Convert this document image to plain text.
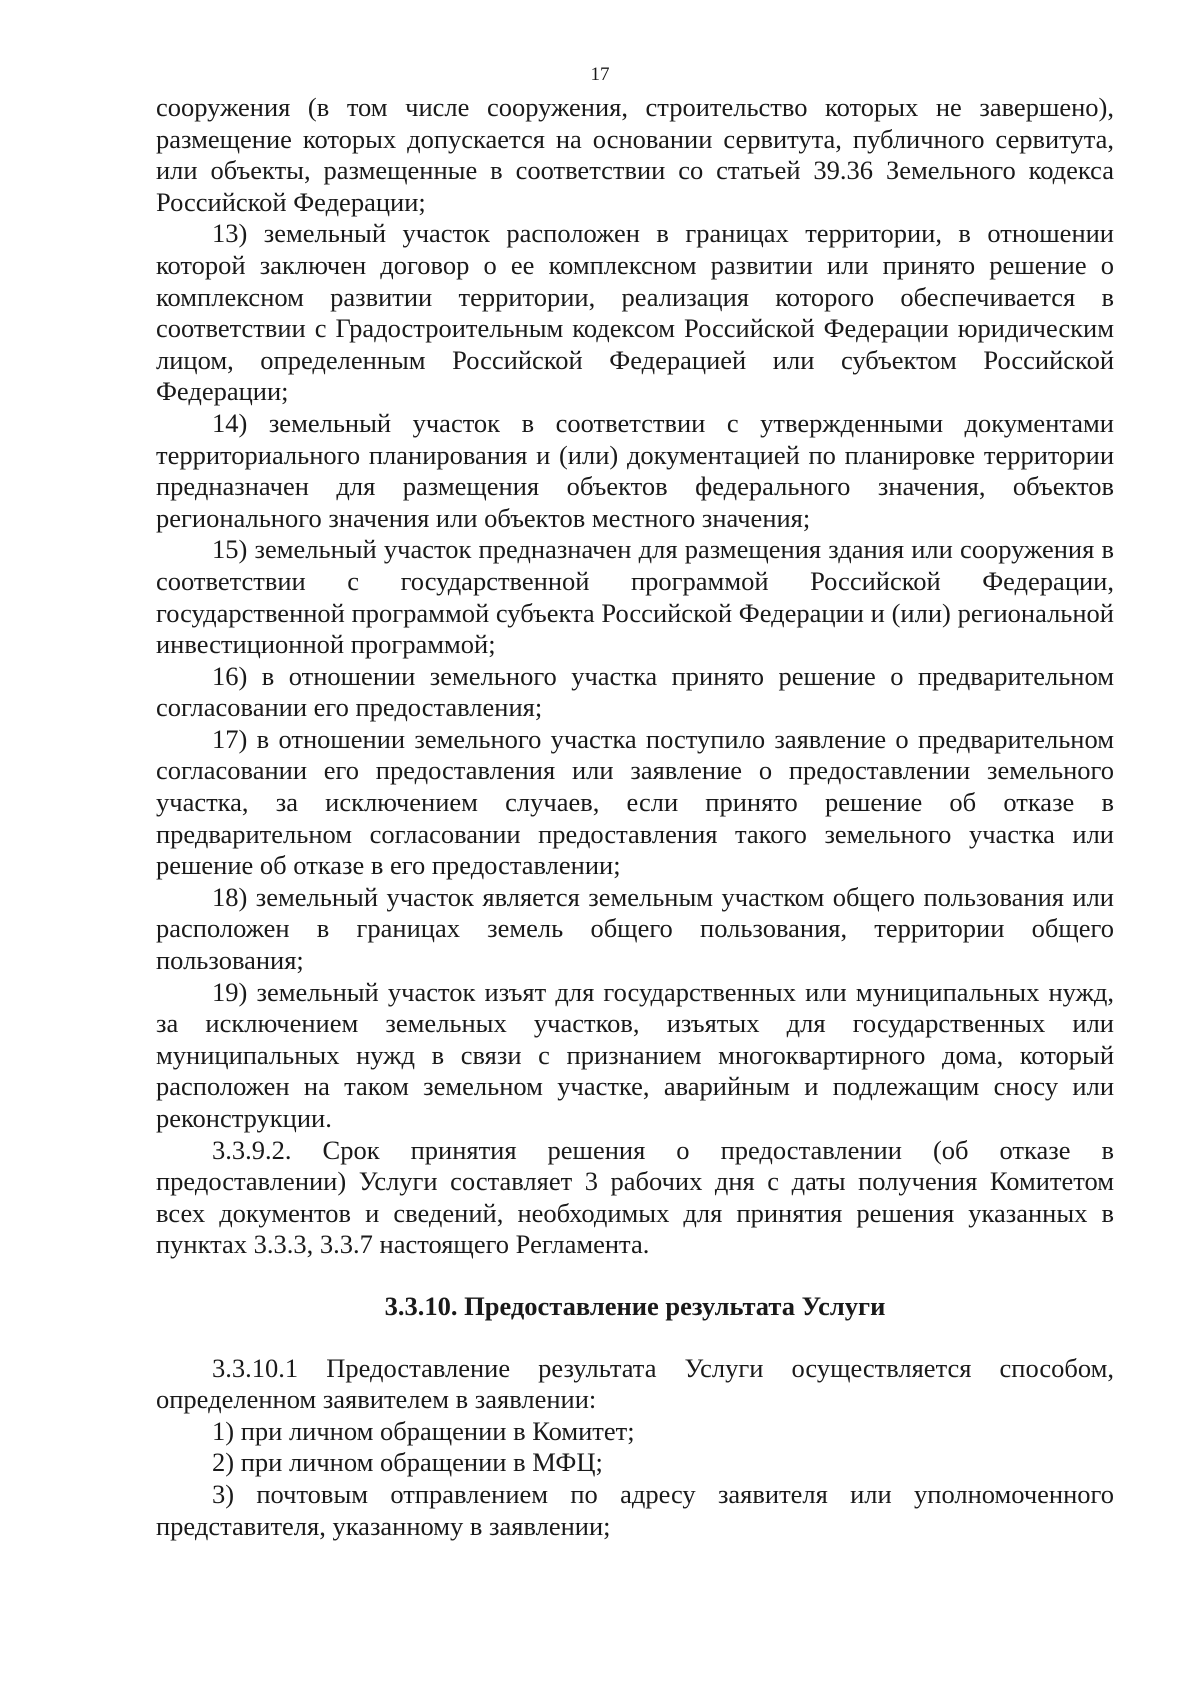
17

сооружения (в том числе сооружения, строительство которых не завершено), размещение которых допускается на основании сервитута, публичного сервитута, или объекты, размещенные в соответствии со статьей 39.36 Земельного кодекса Российской Федерации;

13) земельный участок расположен в границах территории, в отношении которой заключен договор о ее комплексном развитии или принято решение о комплексном развитии территории, реализация которого обеспечивается в соответствии с Градостроительным кодексом Российской Федерации юридическим лицом, определенным Российской Федерацией или субъектом Российской Федерации;

14) земельный участок в соответствии с утвержденными документами территориального планирования и (или) документацией по планировке территории предназначен для размещения объектов федерального значения, объектов регионального значения или объектов местного значения;

15) земельный участок предназначен для размещения здания или сооружения в соответствии с государственной программой Российской Федерации, государственной программой субъекта Российской Федерации и (или) региональной инвестиционной программой;

16) в отношении земельного участка принято решение о предварительном согласовании его предоставления;

17) в отношении земельного участка поступило заявление о предварительном согласовании его предоставления или заявление о предоставлении земельного участка, за исключением случаев, если принято решение об отказе в предварительном согласовании предоставления такого земельного участка или решение об отказе в его предоставлении;

18) земельный участок является земельным участком общего пользования или расположен в границах земель общего пользования, территории общего пользования;

19) земельный участок изъят для государственных или муниципальных нужд, за исключением земельных участков, изъятых для государственных или муниципальных нужд в связи с признанием многоквартирного дома, который расположен на таком земельном участке, аварийным и подлежащим сносу или реконструкции.

3.3.9.2. Срок принятия решения о предоставлении (об отказе в предоставлении) Услуги составляет 3 рабочих дня с даты получения Комитетом всех документов и сведений, необходимых для принятия решения указанных в пунктах 3.3.3, 3.3.7 настоящего Регламента.

3.3.10. Предоставление результата Услуги

3.3.10.1 Предоставление результата Услуги осуществляется способом, определенном заявителем в заявлении:

1) при личном обращении в Комитет;

2) при личном обращении в МФЦ;

3) почтовым отправлением по адресу заявителя или уполномоченного представителя, указанному в заявлении;
